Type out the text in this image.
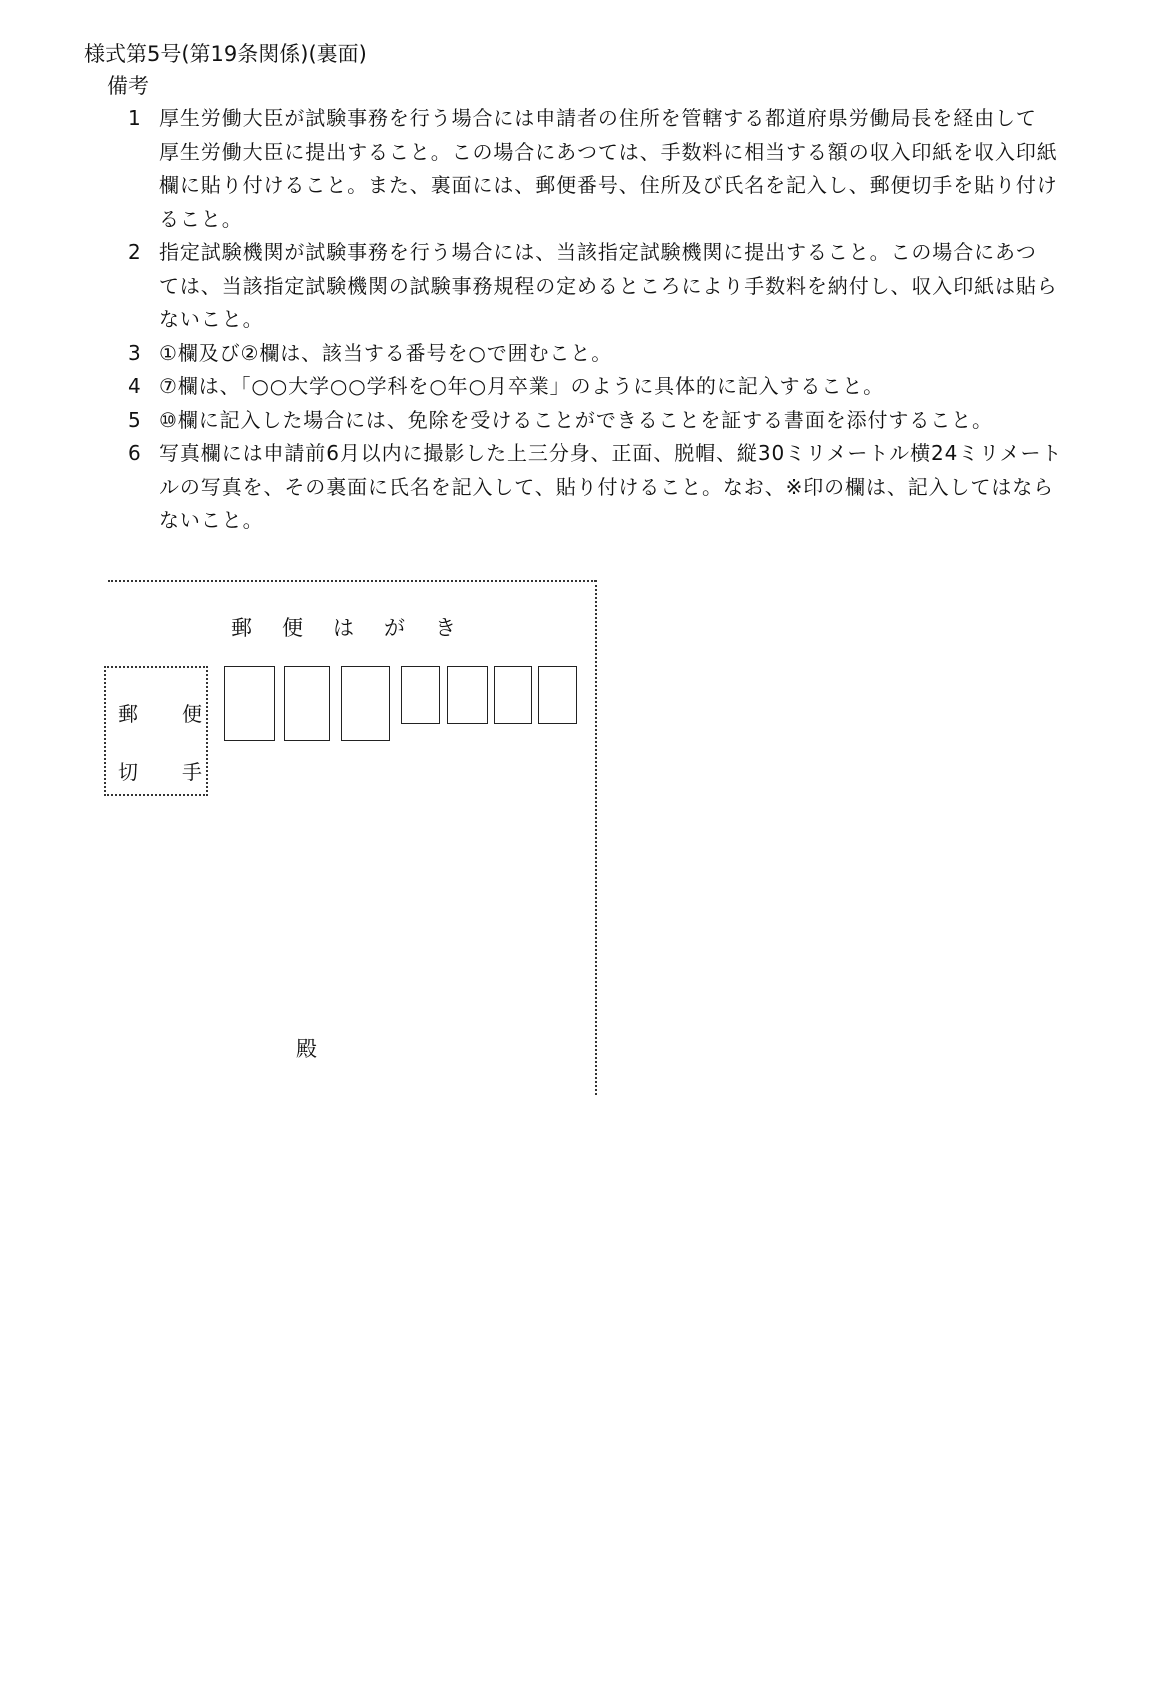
様式第5号(第19条関係)(裏面)
備考
1 厚生労働大臣が試験事務を行う場合には申請者の住所を管轄する都道府県労働局長を経由して
厚生労働大臣に提出すること。この場合にあつては、手数料に相当する額の収入印紙を収入印紙
欄に貼り付けること。また、裏面には、郵便番号、住所及び氏名を記入し、郵便切手を貼り付け
ること。
2 指定試験機関が試験事務を行う場合には、当該指定試験機関に提出すること。この場合にあつ
ては、当該指定試験機関の試験事務規程の定めるところにより手数料を納付し、収入印紙は貼ら
ないこと。
3 ①欄及び②欄は、該当する番号を○で囲むこと。
4 ⑦欄は、「○○大学○○学科を○年○月卒業」のように具体的に記入すること。
5 ⑩欄に記入した場合には、免除を受けることができることを証する書面を添付すること。
6 写真欄には申請前6月以内に撮影した上三分身、正面、脱帽、縦30ミリメートル横24ミリメート
ルの写真を、その裏面に氏名を記入して、貼り付けること。なお、※印の欄は、記入してはなら
ないこと。
郵便はがき
郵 便
切 手
殿
